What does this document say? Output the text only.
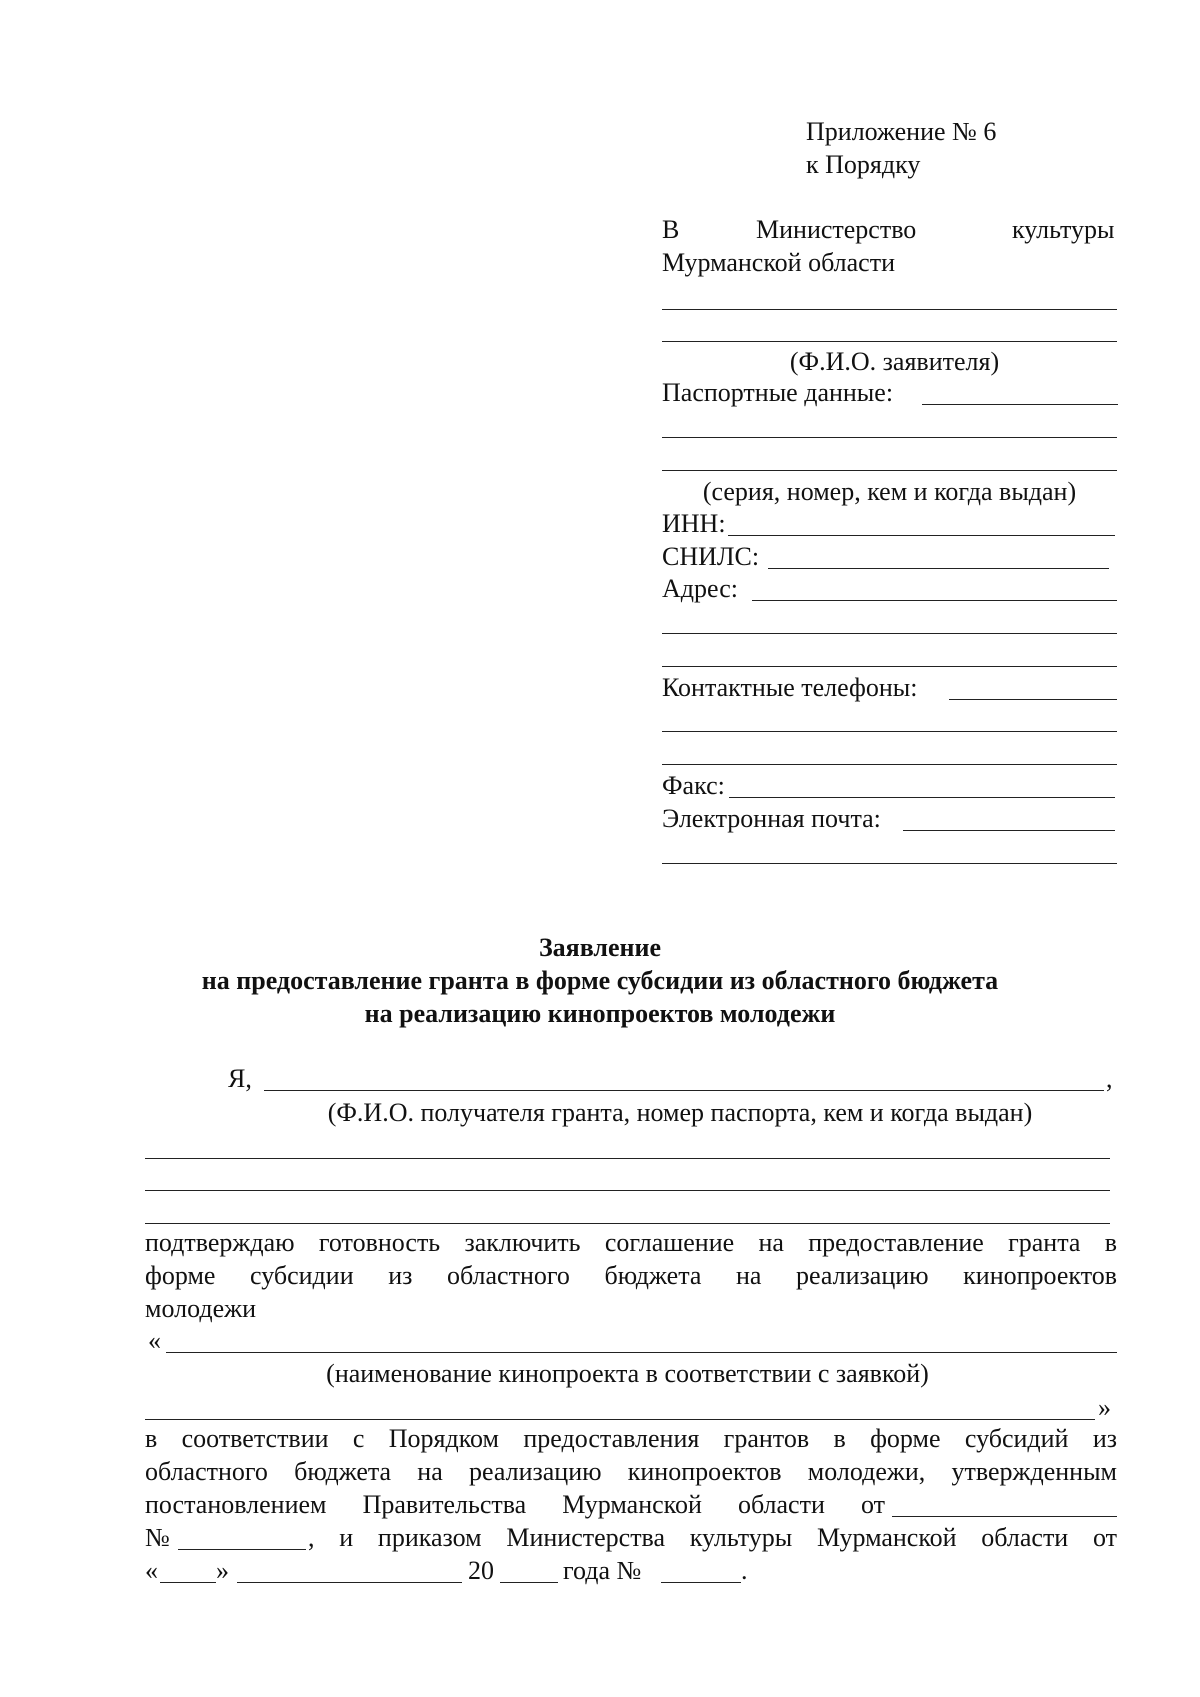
Приложение № 6
к Порядку
В	Министерство	культуры
Мурманской области
(Ф.И.О. заявителя)
Паспортные данные:
(серия, номер, кем и когда выдан)
ИНН:
СНИЛС:
Адрес:
Контактные телефоны:
Факс:
Электронная почта:
Заявление
на предоставление гранта в форме субсидии из областного бюджета
на реализацию кинопроектов молодежи
Я,	,
(Ф.И.О. получателя гранта, номер паспорта, кем и когда выдан)
подтверждаю готовность заключить соглашение на предоставление гранта в
форме субсидии из областного бюджета на реализацию кинопроектов
молодежи
«
(наименование кинопроекта в соответствии с заявкой)
»
в соответствии с Порядком предоставления грантов в форме субсидий из
областного бюджета на реализацию кинопроектов молодежи, утвержденным
постановлением Правительства Мурманской области от
№	, и приказом Министерства культуры Мурманской области от
« »	20	года №	.
